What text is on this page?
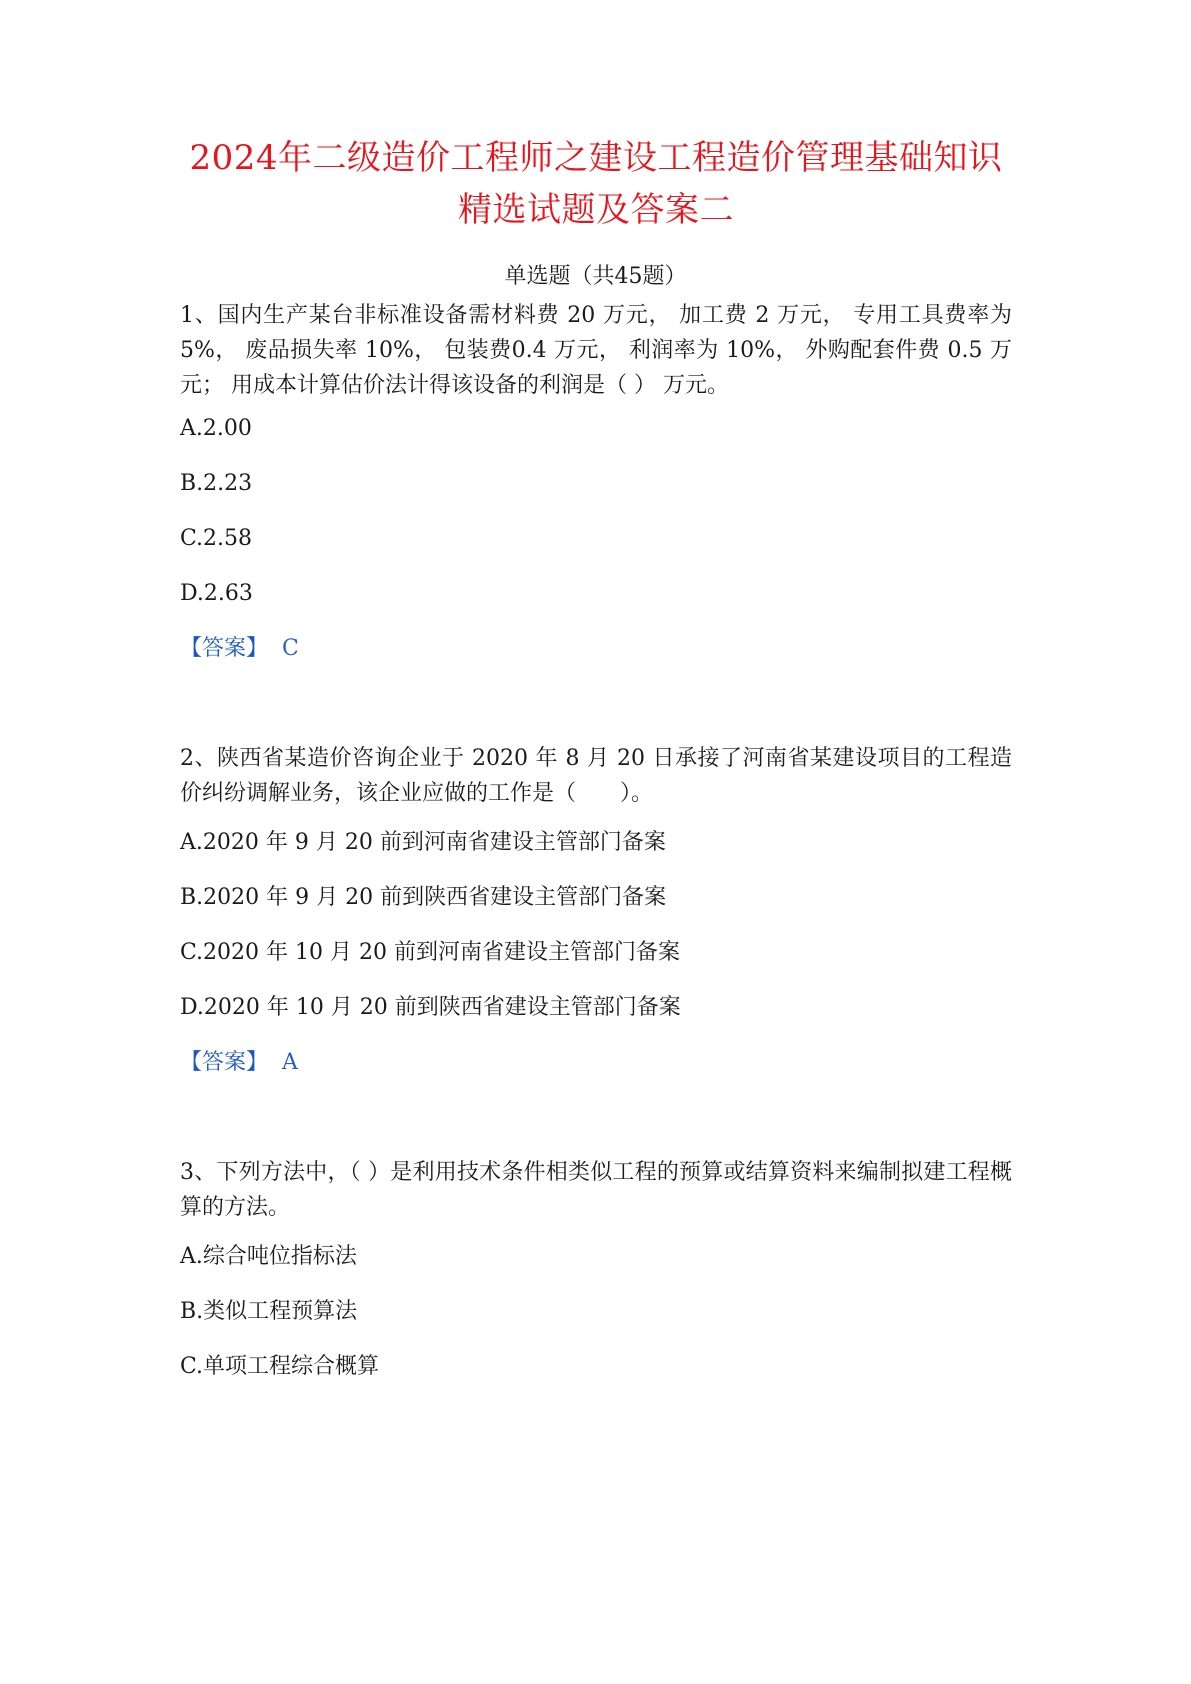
2024年二级造价工程师之建设工程造价管理基础知识精选试题及答案二

单选题（共45题）

1、国内生产某台非标准设备需材料费 20 万元， 加工费 2 万元， 专用工具费率为 5%， 废品损失率 10%， 包装费0.4 万元， 利润率为 10%， 外购配套件费 0.5 万元； 用成本计算估价法计得该设备的利润是（ ） 万元。

A.2.00

B.2.23

C.2.58

D.2.63

【答案】 C

2、陕西省某造价咨询企业于 2020 年 8 月 20 日承接了河南省某建设项目的工程造价纠纷调解业务，该企业应做的工作是（　　）。

A.2020 年 9 月 20 前到河南省建设主管部门备案

B.2020 年 9 月 20 前到陕西省建设主管部门备案

C.2020 年 10 月 20 前到河南省建设主管部门备案

D.2020 年 10 月 20 前到陕西省建设主管部门备案

【答案】 A

3、下列方法中，（ ）是利用技术条件相类似工程的预算或结算资料来编制拟建工程概算的方法。

A.综合吨位指标法

B.类似工程预算法

C.单项工程综合概算
